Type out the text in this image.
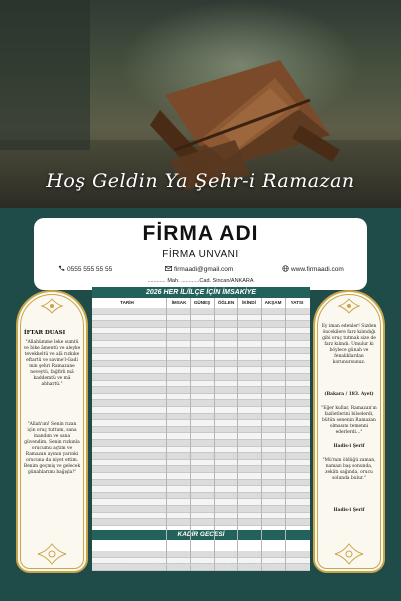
Hoş Geldin Ya Şehr-i Ramazan
FİRMA ADI
FİRMA UNVANI
0555 555 55 55	firmaadi@gmail.com	www.firmaadi.com
............ Mah. ............Cad. Sincan/ANKARA
İFTAR DUASI
"Allahümme leke sumtü ve bike âmentü ve aleyke tevekkeltü ve alâ rızkıke eftartü ve savme'l-Gadi min şehri Ramazane neveytü, fağfirli mâ kaddemtü ve mâ ahhartü."
"Allah'ım! Senin rızan için oruç tuttum, sana inandım ve sana güvendim. Senin rızkınla orucumu açtım ve Ramazan ayının yarınki orucuna da niyet ettim. Benim geçmiş ve gelecek günahlarımı bağışla!"
Ey iman edenler! Sizden öncekilere farz kılındığı gibi oruç tutmak size de farz kılındı. Umulur ki böylece günah ve fenalıklardan korunursunuz.
(Bakara / 183. Ayet)
"Eğer kullar, Ramazan'ın faziletlerini bilselerdi, bütün senenin Ramazan olmasını temenni ederlerdi…"
Hadis-i Şerif
"Mü'min öldüğü zaman, namazı baş sonunda, zekâtı sağında, orucu solunda bulur."
Hadis-i Şerif
2026 HER İL/İLÇE İÇİN İMSAKİYE
TARİH	İMSAK	GÜNEŞ	ÖĞLEN	İKİNDİ	AKŞAM	YATSI
KADİR GECESİ
20 Mart 2026 Cuma Ramazan Bayramının 1. Günüdür (Bayram Namazı Saati: )
